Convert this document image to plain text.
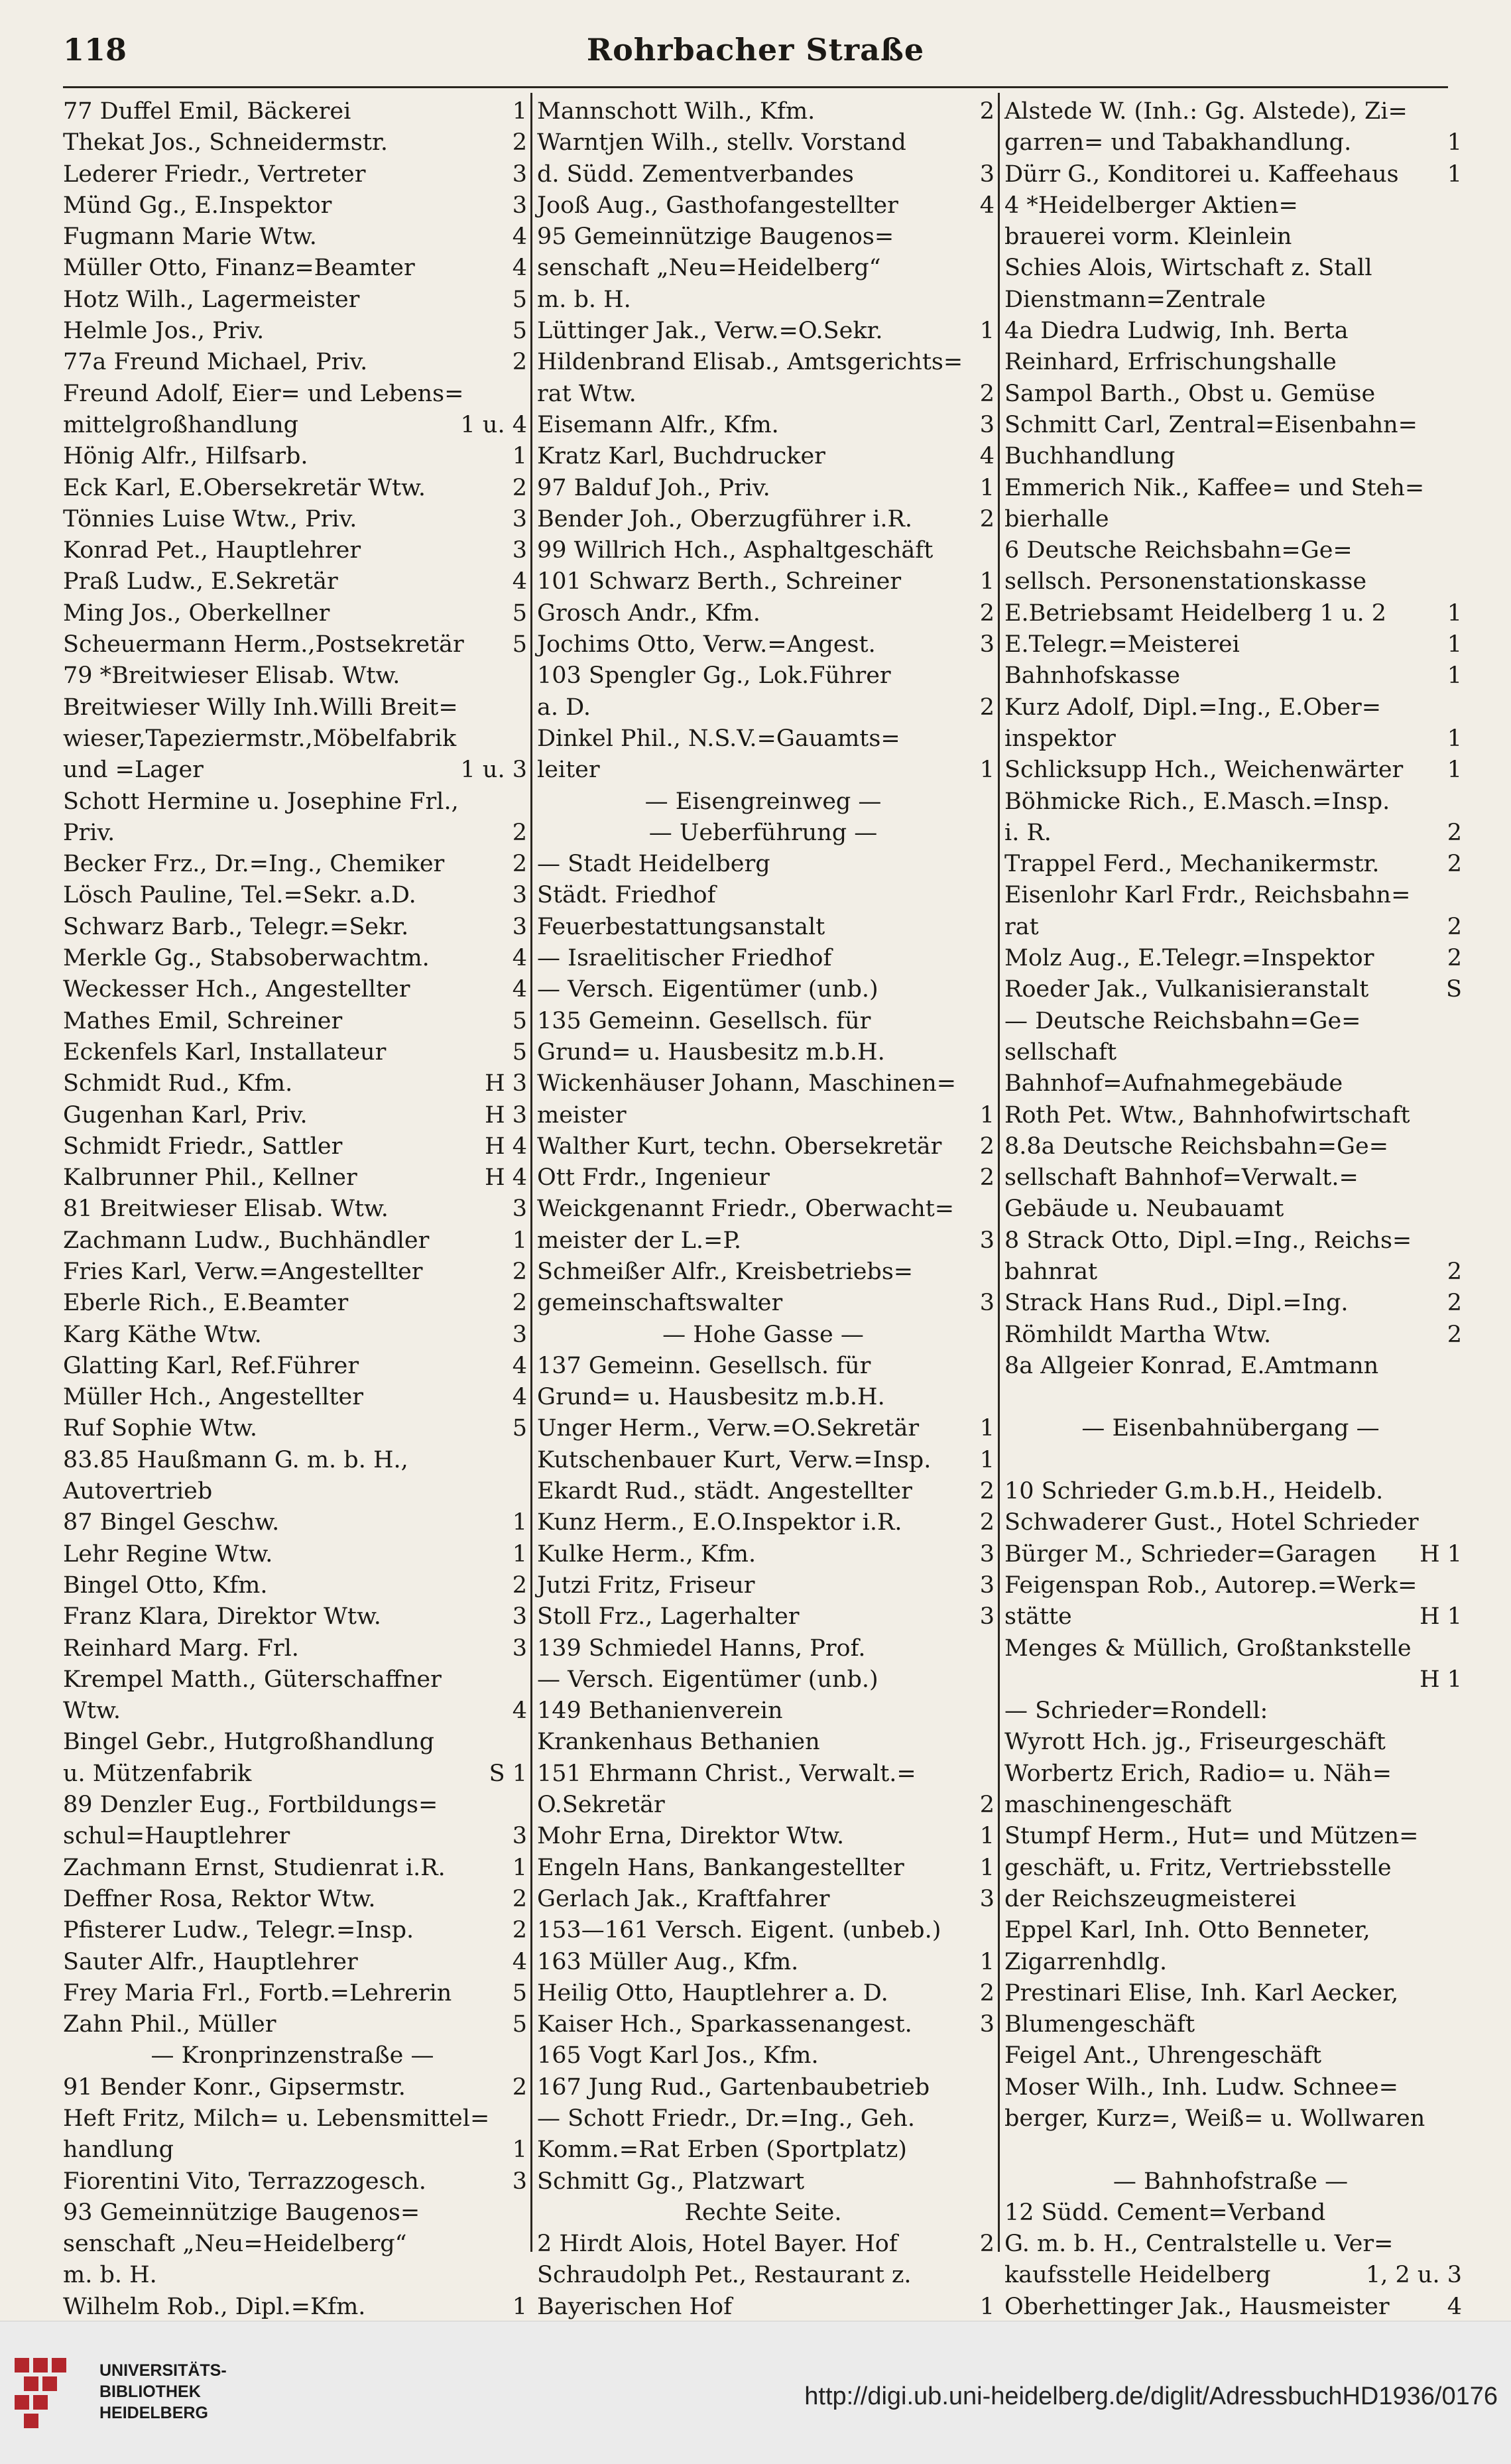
118	Rohrbacher Straße
77 Duffel Emil, Bäckerei	1
Thekat Jos., Schneidermstr.	2
Lederer Friedr., Vertreter	3
Münd Gg., E.Inspektor	3
Fugmann Marie Wtw.	4
Müller Otto, Finanz=Beamter	4
Hotz Wilh., Lagermeister	5
Helmle Jos., Priv.	5
77a Freund Michael, Priv.	2
Freund Adolf, Eier= und Lebens=
mittelgroßhandlung	1 u. 4
Hönig Alfr., Hilfsarb.	1
Eck Karl, E.Obersekretär Wtw.	2
Tönnies Luise Wtw., Priv.	3
Konrad Pet., Hauptlehrer	3
Praß Ludw., E.Sekretär	4
Ming Jos., Oberkellner	5
Scheuermann Herm.,Postsekretär	5
79 *Breitwieser Elisab. Wtw.
Breitwieser Willy Inh.Willi Breit=
wieser,Tapeziermstr.,Möbelfabrik
und =Lager	1 u. 3
Schott Hermine u. Josephine Frl.,
Priv.	2
Becker Frz., Dr.=Ing., Chemiker	2
Lösch Pauline, Tel.=Sekr. a.D.	3
Schwarz Barb., Telegr.=Sekr.	3
Merkle Gg., Stabsoberwachtm.	4
Weckesser Hch., Angestellter	4
Mathes Emil, Schreiner	5
Eckenfels Karl, Installateur	5
Schmidt Rud., Kfm.	H 3
Gugenhan Karl, Priv.	H 3
Schmidt Friedr., Sattler	H 4
Kalbrunner Phil., Kellner	H 4
81 Breitwieser Elisab. Wtw.	3
Zachmann Ludw., Buchhändler	1
Fries Karl, Verw.=Angestellter	2
Eberle Rich., E.Beamter	2
Karg Käthe Wtw.	3
Glatting Karl, Ref.Führer	4
Müller Hch., Angestellter	4
Ruf Sophie Wtw.	5
83.85 Haußmann G. m. b. H.,
Autovertrieb
87 Bingel Geschw.	1
Lehr Regine Wtw.	1
Bingel Otto, Kfm.	2
Franz Klara, Direktor Wtw.	3
Reinhard Marg. Frl.	3
Krempel Matth., Güterschaffner
Wtw.	4
Bingel Gebr., Hutgroßhandlung
u. Mützenfabrik	S 1
89 Denzler Eug., Fortbildungs=
schul=Hauptlehrer	3
Zachmann Ernst, Studienrat i.R.	1
Deffner Rosa, Rektor Wtw.	2
Pfisterer Ludw., Telegr.=Insp.	2
Sauter Alfr., Hauptlehrer	4
Frey Maria Frl., Fortb.=Lehrerin	5
Zahn Phil., Müller	5
— Kronprinzenstraße —
91 Bender Konr., Gipsermstr.	2
Heft Fritz, Milch= u. Lebensmittel=
handlung	1
Fiorentini Vito, Terrazzogesch.	3
93 Gemeinnützige Baugenos=
senschaft „Neu=Heidelberg“
m. b. H.
Wilhelm Rob., Dipl.=Kfm.	1
Mannschott Wilh., Kfm.	2
Warntjen Wilh., stellv. Vorstand
d. Südd. Zementverbandes	3
Jooß Aug., Gasthofangestellter	4
95 Gemeinnützige Baugenos=
senschaft „Neu=Heidelberg“
m. b. H.
Lüttinger Jak., Verw.=O.Sekr.	1
Hildenbrand Elisab., Amtsgerichts=
rat Wtw.	2
Eisemann Alfr., Kfm.	3
Kratz Karl, Buchdrucker	4
97 Balduf Joh., Priv.	1
Bender Joh., Oberzugführer i.R.	2
99 Willrich Hch., Asphaltgeschäft
101 Schwarz Berth., Schreiner	1
Grosch Andr., Kfm.	2
Jochims Otto, Verw.=Angest.	3
103 Spengler Gg., Lok.Führer
a. D.	2
Dinkel Phil., N.S.V.=Gauamts=
leiter	1
— Eisengreinweg —
— Ueberführung —
— Stadt Heidelberg
Städt. Friedhof
Feuerbestattungsanstalt
— Israelitischer Friedhof
— Versch. Eigentümer (unb.)
135 Gemeinn. Gesellsch. für
Grund= u. Hausbesitz m.b.H.
Wickenhäuser Johann, Maschinen=
meister	1
Walther Kurt, techn. Obersekretär	2
Ott Frdr., Ingenieur	2
Weickgenannt Friedr., Oberwacht=
meister der L.=P.	3
Schmeißer Alfr., Kreisbetriebs=
gemeinschaftswalter	3
— Hohe Gasse —
137 Gemeinn. Gesellsch. für
Grund= u. Hausbesitz m.b.H.
Unger Herm., Verw.=O.Sekretär	1
Kutschenbauer Kurt, Verw.=Insp.	1
Ekardt Rud., städt. Angestellter	2
Kunz Herm., E.O.Inspektor i.R.	2
Kulke Herm., Kfm.	3
Jutzi Fritz, Friseur	3
Stoll Frz., Lagerhalter	3
139 Schmiedel Hanns, Prof.
— Versch. Eigentümer (unb.)
149 Bethanienverein
Krankenhaus Bethanien
151 Ehrmann Christ., Verwalt.=
O.Sekretär	2
Mohr Erna, Direktor Wtw.	1
Engeln Hans, Bankangestellter	1
Gerlach Jak., Kraftfahrer	3
153—161 Versch. Eigent. (unbeb.)
163 Müller Aug., Kfm.	1
Heilig Otto, Hauptlehrer a. D.	2
Kaiser Hch., Sparkassenangest.	3
165 Vogt Karl Jos., Kfm.
167 Jung Rud., Gartenbaubetrieb
— Schott Friedr., Dr.=Ing., Geh.
Komm.=Rat Erben (Sportplatz)
Schmitt Gg., Platzwart
Rechte Seite.
2 Hirdt Alois, Hotel Bayer. Hof	2
Schraudolph Pet., Restaurant z.
Bayerischen Hof	1
Alstede W. (Inh.: Gg. Alstede), Zi=
garren= und Tabakhandlung.	1
Dürr G., Konditorei u. Kaffeehaus	1
4 *Heidelberger Aktien=
brauerei vorm. Kleinlein
Schies Alois, Wirtschaft z. Stall
Dienstmann=Zentrale
4a Diedra Ludwig, Inh. Berta
Reinhard, Erfrischungshalle
Sampol Barth., Obst u. Gemüse
Schmitt Carl, Zentral=Eisenbahn=
Buchhandlung
Emmerich Nik., Kaffee= und Steh=
bierhalle
6 Deutsche Reichsbahn=Ge=
sellsch. Personenstationskasse
E.Betriebsamt Heidelberg 1 u. 2	1
E.Telegr.=Meisterei	1
Bahnhofskasse	1
Kurz Adolf, Dipl.=Ing., E.Ober=
inspektor	1
Schlicksupp Hch., Weichenwärter	1
Böhmicke Rich., E.Masch.=Insp.
i. R.	2
Trappel Ferd., Mechanikermstr.	2
Eisenlohr Karl Frdr., Reichsbahn=
rat	2
Molz Aug., E.Telegr.=Inspektor	2
Roeder Jak., Vulkanisieranstalt	S
— Deutsche Reichsbahn=Ge=
sellschaft
Bahnhof=Aufnahmegebäude
Roth Pet. Wtw., Bahnhofwirtschaft
8.8a Deutsche Reichsbahn=Ge=
sellschaft Bahnhof=Verwalt.=
Gebäude u. Neubauamt
8 Strack Otto, Dipl.=Ing., Reichs=
bahnrat	2
Strack Hans Rud., Dipl.=Ing.	2
Römhildt Martha Wtw.	2
8a Allgeier Konrad, E.Amtmann
— Eisenbahnübergang —
10 Schrieder G.m.b.H., Heidelb.
Schwaderer Gust., Hotel Schrieder
Bürger M., Schrieder=Garagen	H 1
Feigenspan Rob., Autorep.=Werk=
stätte	H 1
Menges & Müllich, Großtankstelle
H 1
— Schrieder=Rondell:
Wyrott Hch. jg., Friseurgeschäft
Worbertz Erich, Radio= u. Näh=
maschinengeschäft
Stumpf Herm., Hut= und Mützen=
geschäft, u. Fritz, Vertriebsstelle
der Reichszeugmeisterei
Eppel Karl, Inh. Otto Benneter,
Zigarrenhdlg.
Prestinari Elise, Inh. Karl Aecker,
Blumengeschäft
Feigel Ant., Uhrengeschäft
Moser Wilh., Inh. Ludw. Schnee=
berger, Kurz=, Weiß= u. Wollwaren
— Bahnhofstraße —
12 Südd. Cement=Verband
G. m. b. H., Centralstelle u. Ver=
kaufsstelle Heidelberg	1, 2 u. 3
Oberhettinger Jak., Hausmeister	4
UNIVERSITÄTS-
BIBLIOTHEK
HEIDELBERG
http://digi.ub.uni-heidelberg.de/diglit/AdressbuchHD1936/0176
